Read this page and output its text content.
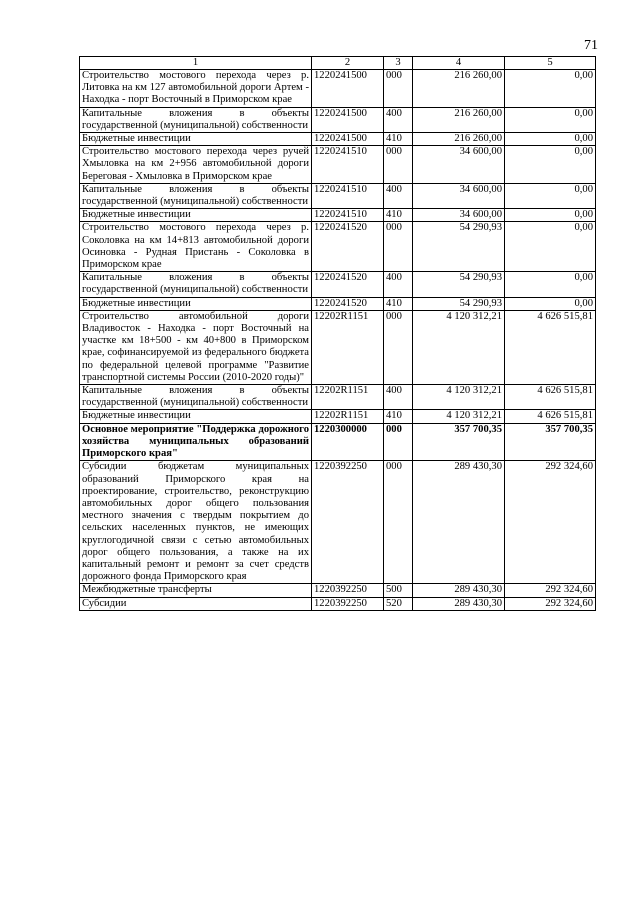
71
1	2	3	4	5
Строительство мостового перехода через р. Литовка на км 127 автомобильной дороги Артем - Находка - порт Восточный в Приморском крае	1220241500	000	216 260,00	0,00
Капитальные вложения в объекты государственной (муниципальной) собственности	1220241500	400	216 260,00	0,00
Бюджетные инвестиции	1220241500	410	216 260,00	0,00
Строительство мостового перехода через ручей Хмыловка на км 2+956 автомобильной дороги Береговая - Хмыловка в Приморском крае	1220241510	000	34 600,00	0,00
Капитальные вложения в объекты государственной (муниципальной) собственности	1220241510	400	34 600,00	0,00
Бюджетные инвестиции	1220241510	410	34 600,00	0,00
Строительство мостового перехода через р. Соколовка на км 14+813 автомобильной дороги Осиновка - Рудная Пристань - Соколовка в Приморском крае	1220241520	000	54 290,93	0,00
Капитальные вложения в объекты государственной (муниципальной) собственности	1220241520	400	54 290,93	0,00
Бюджетные инвестиции	1220241520	410	54 290,93	0,00
Строительство автомобильной дороги Владивосток - Находка - порт Восточный на участке км 18+500 - км 40+800 в Приморском крае, софинансируемой из федерального бюджета по федеральной целевой программе "Развитие транспортной системы России (2010-2020 годы)"	12202R1151	000	4 120 312,21	4 626 515,81
Капитальные вложения в объекты государственной (муниципальной) собственности	12202R1151	400	4 120 312,21	4 626 515,81
Бюджетные инвестиции	12202R1151	410	4 120 312,21	4 626 515,81
Основное мероприятие "Поддержка дорожного хозяйства муниципальных образований Приморского края"	1220300000	000	357 700,35	357 700,35
Субсидии бюджетам муниципальных образований Приморского края на проектирование, строительство, реконструкцию автомобильных дорог общего пользования местного значения с твердым покрытием до сельских населенных пунктов, не имеющих круглогодичной связи с сетью автомобильных дорог общего пользования, а также на их капитальный ремонт и ремонт за счет средств дорожного фонда Приморского края	1220392250	000	289 430,30	292 324,60
Межбюджетные трансферты	1220392250	500	289 430,30	292 324,60
Субсидии	1220392250	520	289 430,30	292 324,60
